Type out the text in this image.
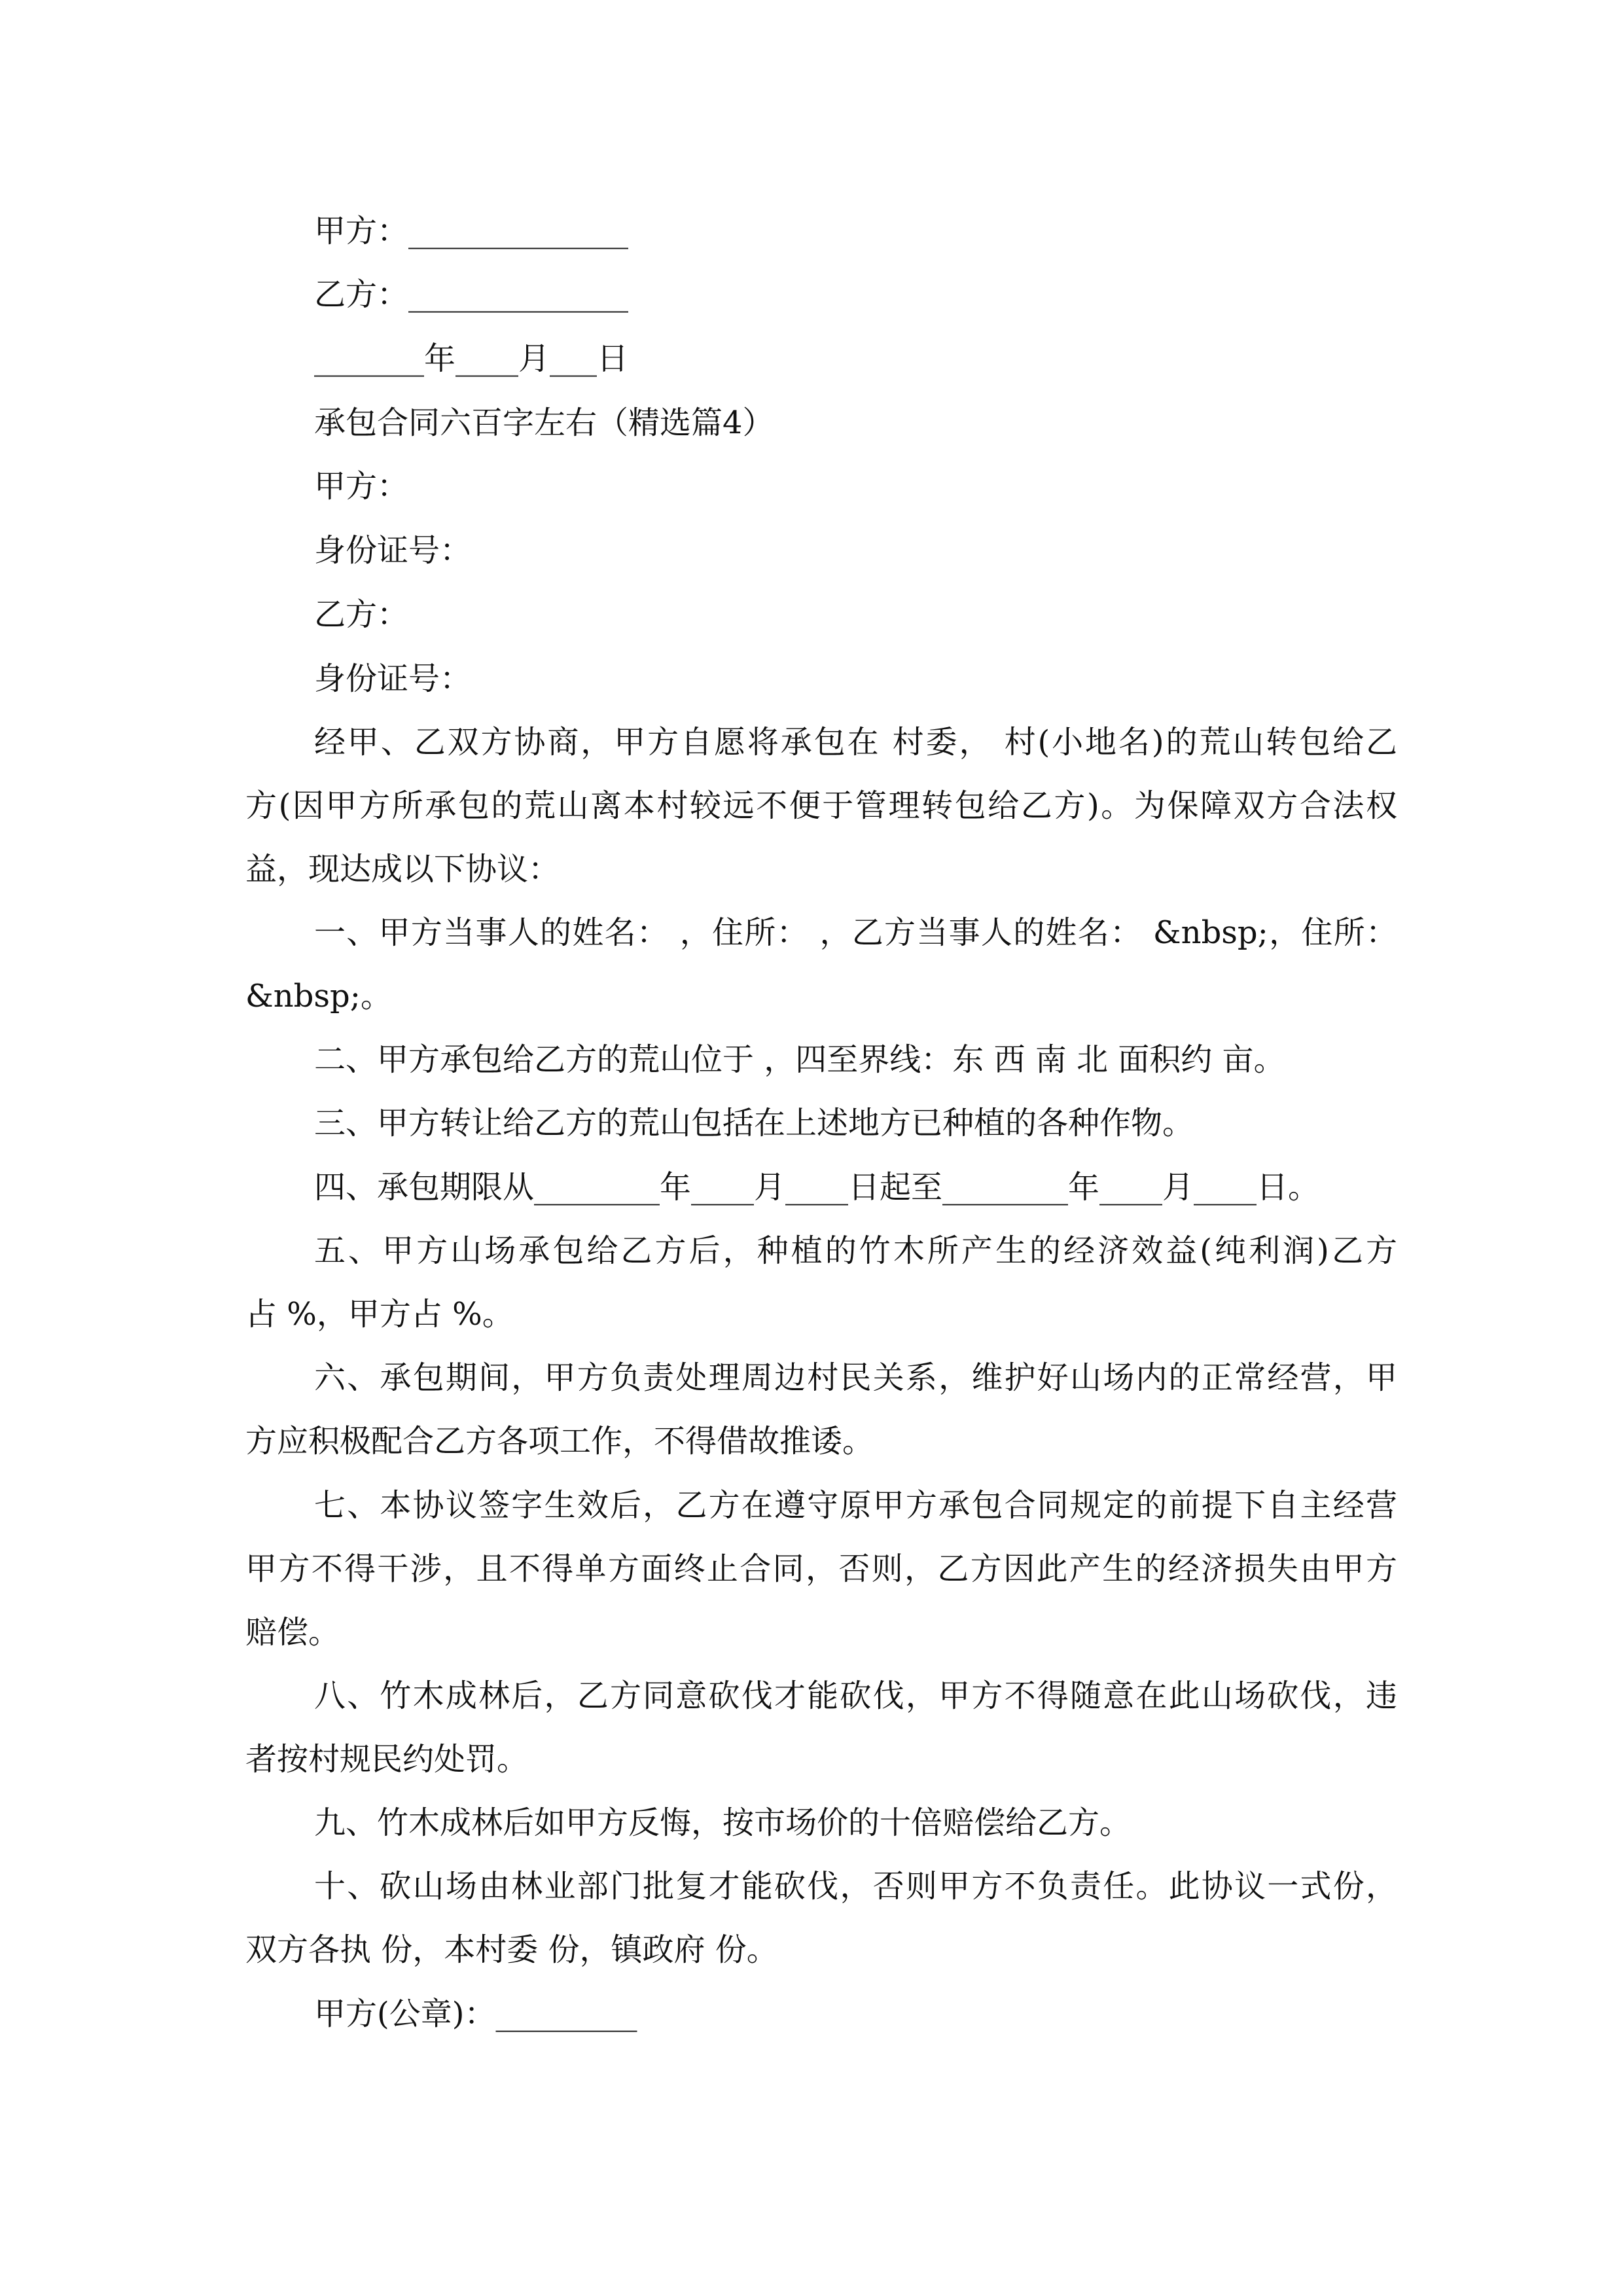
甲方：______________
乙方：______________
_______年____月___日
承包合同六百字左右（精选篇4）
甲方：
身份证号：
乙方：
身份证号：
经甲、乙双方协商，甲方自愿将承包在 村委， 村(小地名)的荒山转包给乙
方(因甲方所承包的荒山离本村较远不便于管理转包给乙方)。为保障双方合法权
益，现达成以下协议：
一、甲方当事人的姓名： ，住所： ，乙方当事人的姓名： &nbsp;，住所：
&nbsp;。
二、甲方承包给乙方的荒山位于 ，四至界线：东 西 南 北 面积约 亩。
三、甲方转让给乙方的荒山包括在上述地方已种植的各种作物。
四、承包期限从________年____月____日起至________年____月____日。
五、甲方山场承包给乙方后，种植的竹木所产生的经济效益(纯利润)乙方
占 %，甲方占 %。
六、承包期间，甲方负责处理周边村民关系，维护好山场内的正常经营，甲
方应积极配合乙方各项工作，不得借故推诿。
七、本协议签字生效后，乙方在遵守原甲方承包合同规定的前提下自主经营
甲方不得干涉，且不得单方面终止合同，否则，乙方因此产生的经济损失由甲方
赔偿。
八、竹木成林后，乙方同意砍伐才能砍伐，甲方不得随意在此山场砍伐，违
者按村规民约处罚。
九、竹木成林后如甲方反悔，按市场价的十倍赔偿给乙方。
十、砍山场由林业部门批复才能砍伐，否则甲方不负责任。此协议一式份，
双方各执 份，本村委 份，镇政府 份。
甲方(公章)：_________
